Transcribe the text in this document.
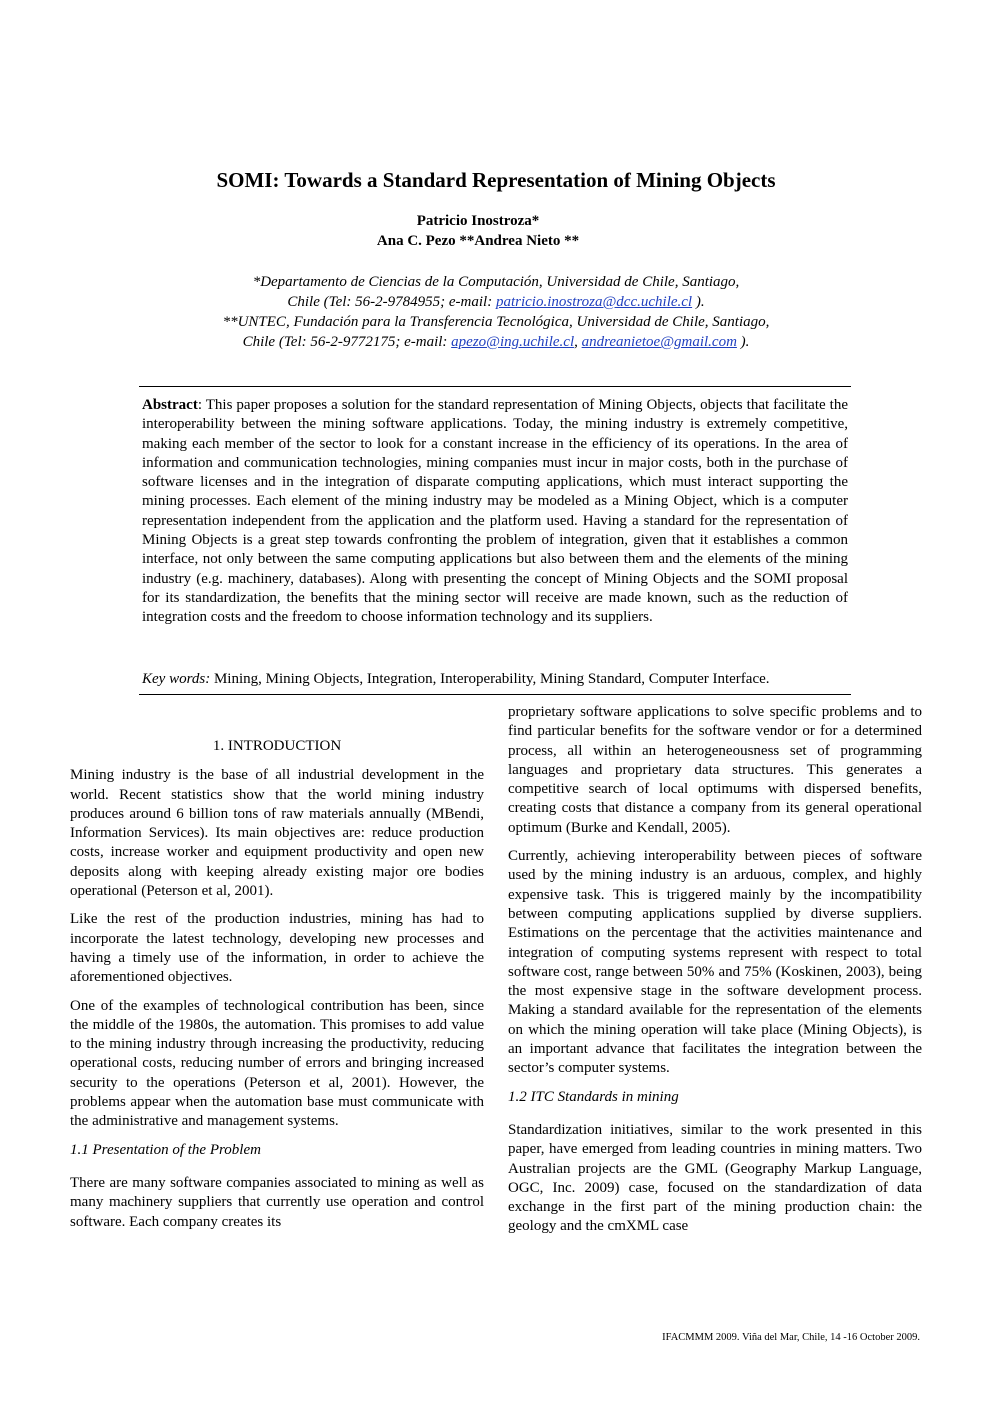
SOMI: Towards a Standard Representation of Mining Objects
Patricio Inostroza*
Ana C. Pezo **Andrea Nieto **
*Departamento de Ciencias de la Computación, Universidad de Chile, Santiago,
Chile (Tel: 56-2-9784955; e-mail: patricio.inostroza@dcc.uchile.cl ).
**UNTEC, Fundación para la Transferencia Tecnológica, Universidad de Chile, Santiago,
Chile (Tel: 56-2-9772175; e-mail: apezo@ing.uchile.cl, andreanietoe@gmail.com ).
Abstract: This paper proposes a solution for the standard representation of Mining Objects, objects that facilitate the interoperability between the mining software applications. Today, the mining industry is extremely competitive, making each member of the sector to look for a constant increase in the efficiency of its operations. In the area of information and communication technologies, mining companies must incur in major costs, both in the purchase of software licenses and in the integration of disparate computing applications, which must interact supporting the mining processes. Each element of the mining industry may be modeled as a Mining Object, which is a computer representation independent from the application and the platform used. Having a standard for the representation of Mining Objects is a great step towards confronting the problem of integration, given that it establishes a common interface, not only between the same computing applications but also between them and the elements of the mining industry (e.g. machinery, databases). Along with presenting the concept of Mining Objects and the SOMI proposal for its standardization, the benefits that the mining sector will receive are made known, such as the reduction of integration costs and the freedom to choose information technology and its suppliers.
Key words: Mining, Mining Objects, Integration, Interoperability, Mining Standard, Computer Interface.

1. INTRODUCTION

Mining industry is the base of all industrial development in the world. Recent statistics show that the world mining industry produces around 6 billion tons of raw materials annually (MBendi, Information Services). Its main objectives are: reduce production costs, increase worker and equipment productivity and open new deposits along with keeping already existing major ore bodies operational (Peterson et al, 2001).

Like the rest of the production industries, mining has had to incorporate the latest technology, developing new processes and having a timely use of the information, in order to achieve the aforementioned objectives.

One of the examples of technological contribution has been, since the middle of the 1980s, the automation. This promises to add value to the mining industry through increasing the productivity, reducing operational costs, reducing number of errors and bringing increased security to the operations (Peterson et al, 2001). However, the problems appear when the automation base must communicate with the administrative and management systems.

1.1 Presentation of the Problem

There are many software companies associated to mining as well as many machinery suppliers that currently use operation and control software. Each company creates its

proprietary software applications to solve specific problems and to find particular benefits for the software vendor or for a determined process, all within an heterogeneousness set of programming languages and proprietary data structures. This generates a competitive search of local optimums with dispersed benefits, creating costs that distance a company from its general operational optimum (Burke and Kendall, 2005).

Currently, achieving interoperability between pieces of software used by the mining industry is an arduous, complex, and highly expensive task. This is triggered mainly by the incompatibility between computing applications supplied by diverse suppliers. Estimations on the percentage that the activities maintenance and integration of computing systems represent with respect to total software cost, range between 50% and 75% (Koskinen, 2003), being the most expensive stage in the software development process. Making a standard available for the representation of the elements on which the mining operation will take place (Mining Objects), is an important advance that facilitates the integration between the sector’s computer systems.

1.2 ITC Standards in mining

Standardization initiatives, similar to the work presented in this paper, have emerged from leading countries in mining matters. Two Australian projects are the GML (Geography Markup Language, OGC, Inc. 2009) case, focused on the standardization of data exchange in the first part of the mining production chain: the geology and the cmXML case

IFACMMM 2009. Viña del Mar, Chile, 14 -16 October 2009.
